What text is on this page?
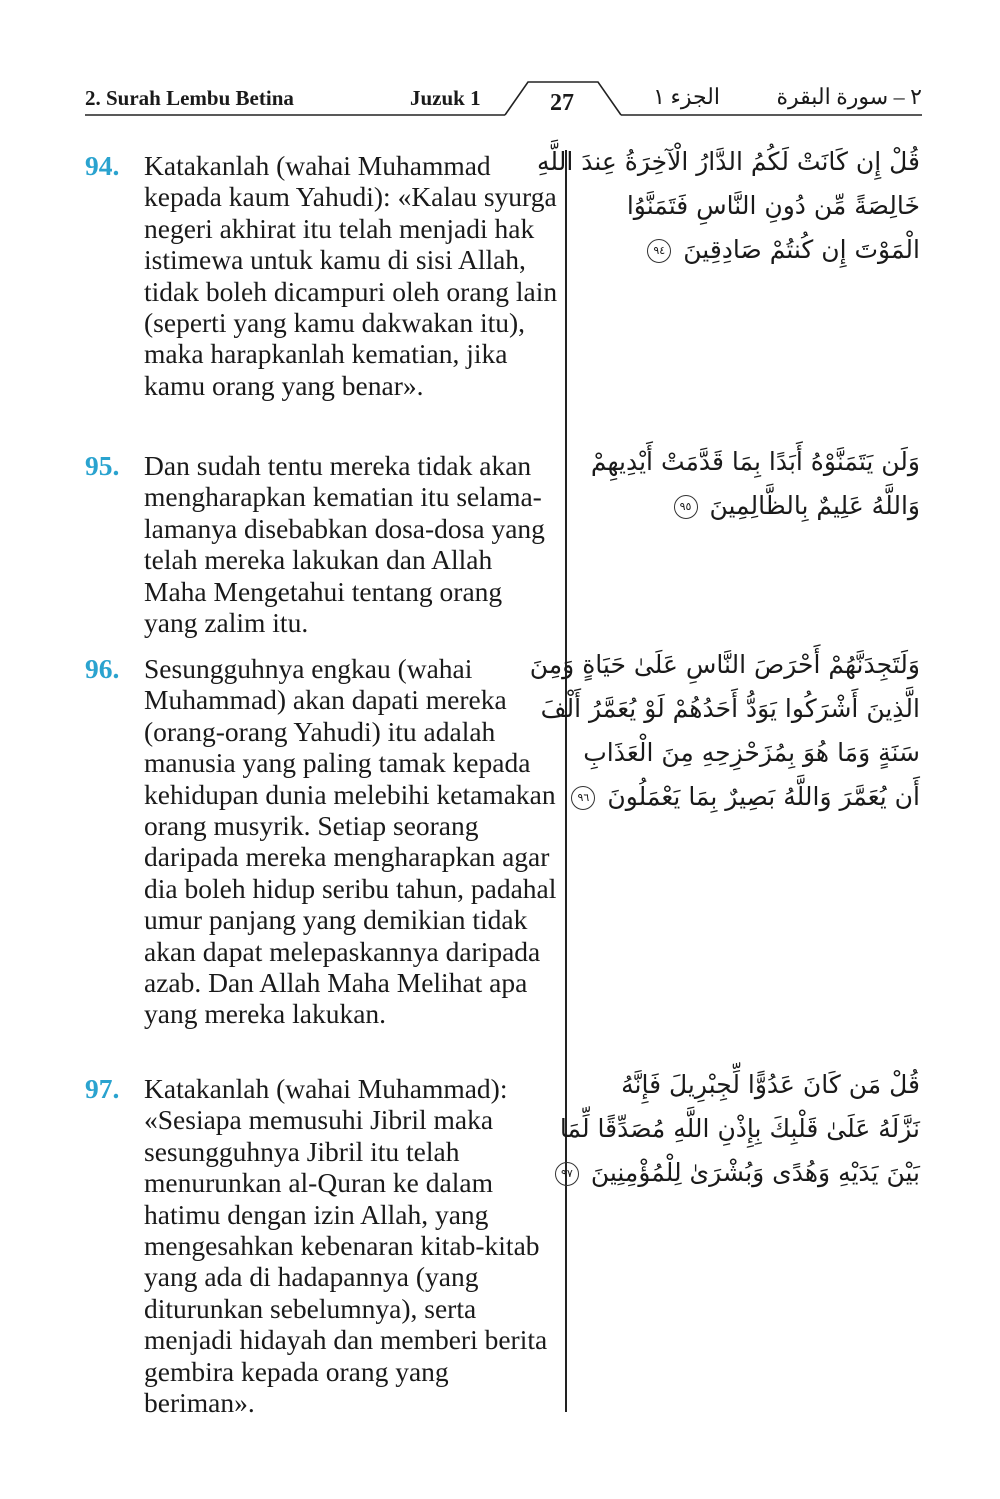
2. Surah Lembu Betina	Juzuk 1	27	الجزء ١	٢ – سورة البقرة
94. Katakanlah (wahai Muhammad kepada kaum Yahudi): «Kalau syurga negeri akhirat itu telah menjadi hak istimewa untuk kamu di sisi Allah, tidak boleh dicampuri oleh orang lain (seperti yang kamu dakwakan itu), maka harapkanlah kematian, jika kamu orang yang benar».
قُلْ إِن كَانَتْ لَكُمُ الدَّارُ الْآخِرَةُ عِندَ اللَّهِ
خَالِصَةً مِّن دُونِ النَّاسِ فَتَمَنَّوُا
الْمَوْتَ إِن كُنتُمْ صَادِقِينَ ٩٤
95. Dan sudah tentu mereka tidak akan mengharapkan kematian itu selama-lamanya disebabkan dosa-dosa yang telah mereka lakukan dan Allah Maha Mengetahui tentang orang yang zalim itu.
وَلَن يَتَمَنَّوْهُ أَبَدًا بِمَا قَدَّمَتْ أَيْدِيهِمْ
وَاللَّهُ عَلِيمٌ بِالظَّالِمِينَ ٩٥
96. Sesungguhnya engkau (wahai Muhammad) akan dapati mereka (orang-orang Yahudi) itu adalah manusia yang paling tamak kepada kehidupan dunia melebihi ketamakan orang musyrik. Setiap seorang daripada mereka mengharapkan agar dia boleh hidup seribu tahun, padahal umur panjang yang demikian tidak akan dapat melepaskannya daripada azab. Dan Allah Maha Melihat apa yang mereka lakukan.
وَلَتَجِدَنَّهُمْ أَحْرَصَ النَّاسِ عَلَىٰ حَيَاةٍ وَمِنَ
الَّذِينَ أَشْرَكُوا يَوَدُّ أَحَدُهُمْ لَوْ يُعَمَّرُ أَلْفَ
سَنَةٍ وَمَا هُوَ بِمُزَحْزِحِهِ مِنَ الْعَذَابِ
أَن يُعَمَّرَ وَاللَّهُ بَصِيرٌ بِمَا يَعْمَلُونَ ٩٦
97. Katakanlah (wahai Muhammad): «Sesiapa memusuhi Jibril maka sesungguhnya Jibril itu telah menurunkan al-Quran ke dalam hatimu dengan izin Allah, yang mengesahkan kebenaran kitab-kitab yang ada di hadapannya (yang diturunkan sebelumnya), serta menjadi hidayah dan memberi berita gembira kepada orang yang beriman».
قُلْ مَن كَانَ عَدُوًّا لِّجِبْرِيلَ فَإِنَّهُ
نَزَّلَهُ عَلَىٰ قَلْبِكَ بِإِذْنِ اللَّهِ مُصَدِّقًا لِّمَا
بَيْنَ يَدَيْهِ وَهُدًى وَبُشْرَىٰ لِلْمُؤْمِنِينَ ٩٧
